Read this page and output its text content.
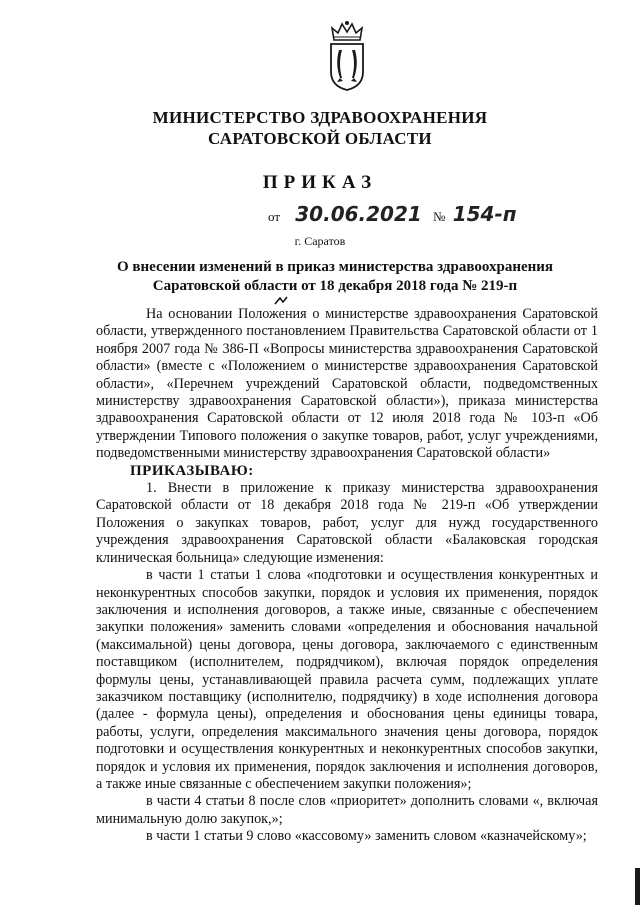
МИНИСТЕРСТВО ЗДРАВООХРАНЕНИЯ
САРАТОВСКОЙ ОБЛАСТИ
ПРИКАЗ
от 30.06.2021 № 154-п
г. Саратов
О внесении изменений в приказ министерства здравоохранения
Саратовской области от 18 декабря 2018 года № 219-п

На основании Положения о министерстве здравоохранения Саратовской области, утвержденного постановлением Правительства Саратовской области от 1 ноября 2007 года № 386-П «Вопросы министерства здравоохранения Саратовской области» (вместе с «Положением о министерстве здравоохранения Саратовской области», «Перечнем учреждений Саратовской области, подведомственных министерству здравоохранения Саратовской области»), приказа министерства здравоохранения Саратовской области от 12 июля 2018 года № 103-п «Об утверждении Типового положения о закупке товаров, работ, услуг учреждениями, подведомственными министерству здравоохранения Саратовской области»

ПРИКАЗЫВАЮ:

1. Внести в приложение к приказу министерства здравоохранения Саратовской области от 18 декабря 2018 года № 219-п «Об утверждении Положения о закупках товаров, работ, услуг для нужд государственного учреждения здравоохранения Саратовской области «Балаковская городская клиническая больница» следующие изменения:

в части 1 статьи 1 слова «подготовки и осуществления конкурентных и неконкурентных способов закупки, порядок и условия их применения, порядок заключения и исполнения договоров, а также иные, связанные с обеспечением закупки положения» заменить словами «определения и обоснования начальной (максимальной) цены договора, цены договора, заключаемого с единственным поставщиком (исполнителем, подрядчиком), включая порядок определения формулы цены, устанавливающей правила расчета сумм, подлежащих уплате заказчиком поставщику (исполнителю, подрядчику) в ходе исполнения договора (далее - формула цены), определения и обоснования цены единицы товара, работы, услуги, определения максимального значения цены договора, порядок подготовки и осуществления конкурентных и неконкурентных способов закупки, порядок и условия их применения, порядок заключения и исполнения договоров, а также иные связанные с обеспечением закупки положения»;

в части 4 статьи 8 после слов «приоритет» дополнить словами «, включая минимальную долю закупок,»;

в части 1 статьи 9 слово «кассовому» заменить словом «казначейскому»;
